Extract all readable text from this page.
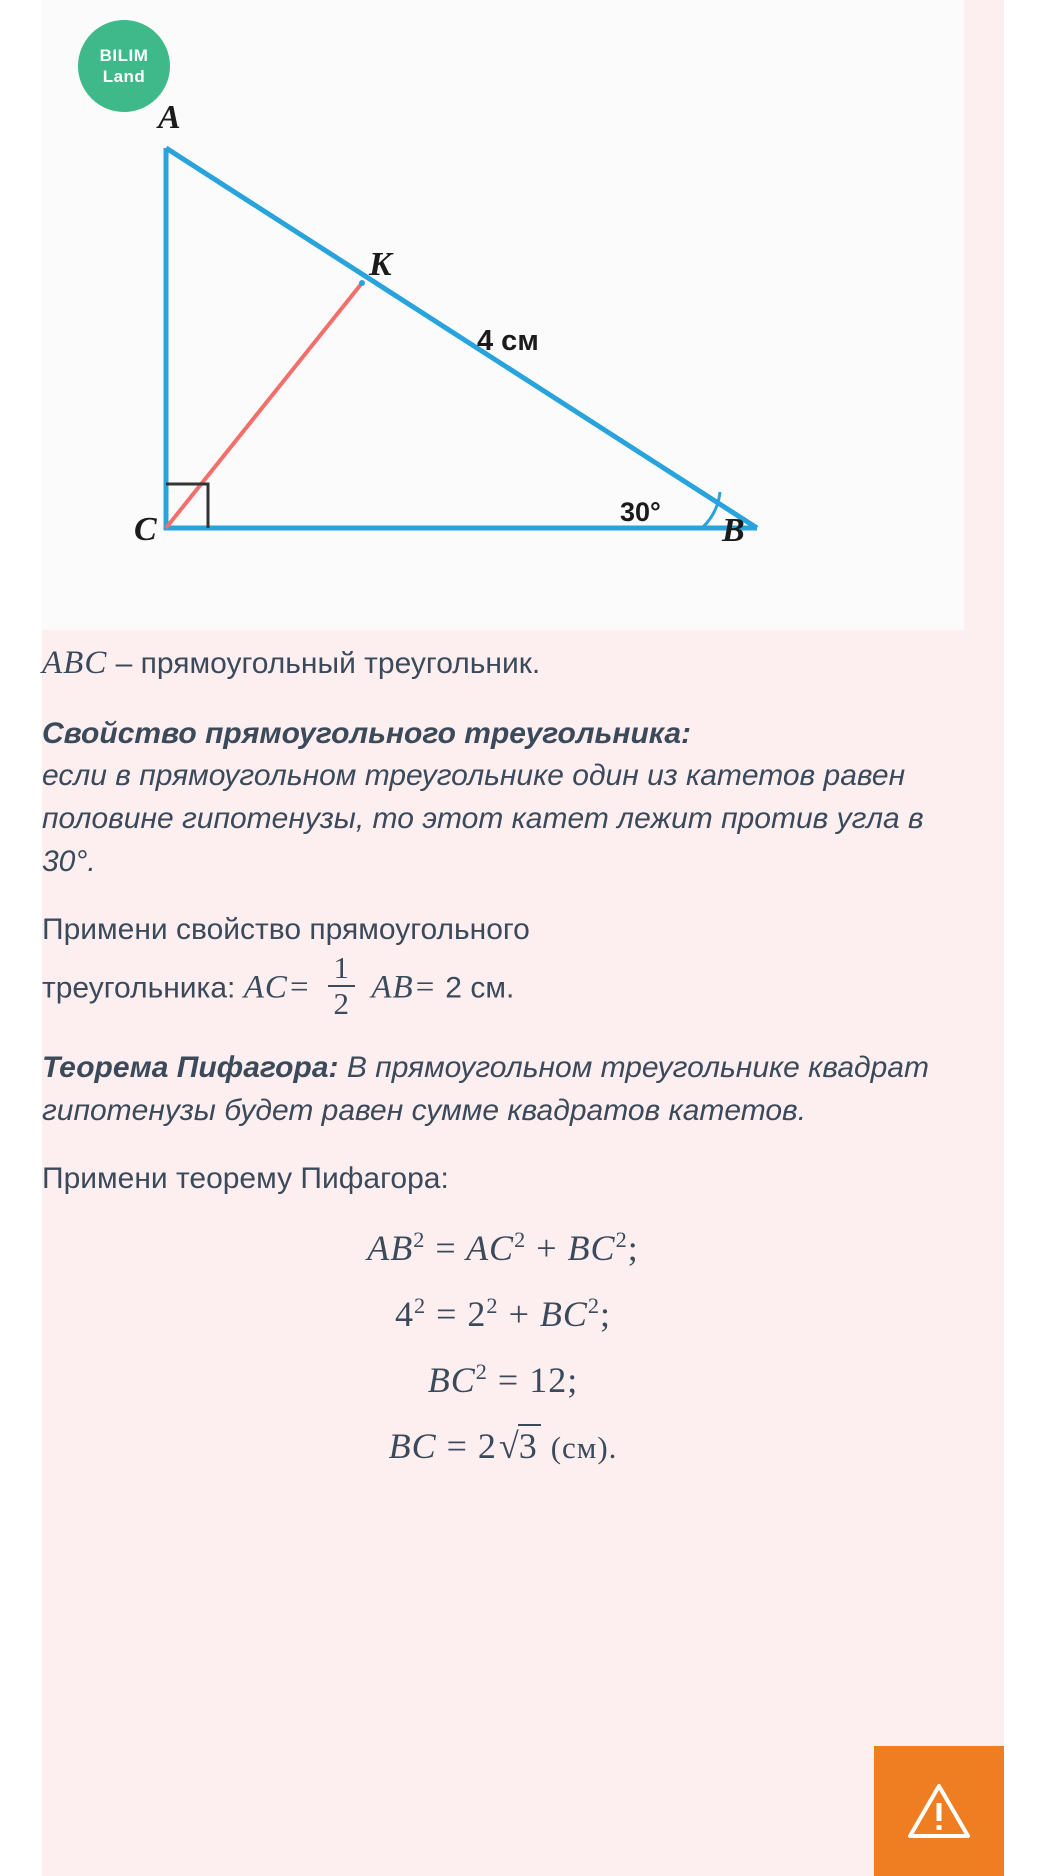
A
B
C
K
4 см
30°
BILIM
Land

ABC – прямоугольный треугольник.

Свойство прямоугольного треугольника:
если в прямоугольном треугольнике один из катетов равен половине гипотенузы, то этот катет лежит против угла в 30°.

Примени свойство прямоугольного
треугольника: $AC= \frac{1}{2} AB= 2$ см.

Теорема Пифагора: В прямоугольном треугольнике квадрат гипотенузы будет равен сумме квадратов катетов.

Примени теорему Пифагора:

$AB^2 = AC^2 + BC^2$;
$4^2 = 2^2 + BC^2$;
$BC^2 = 12$;
BC = 2√3 (см).
